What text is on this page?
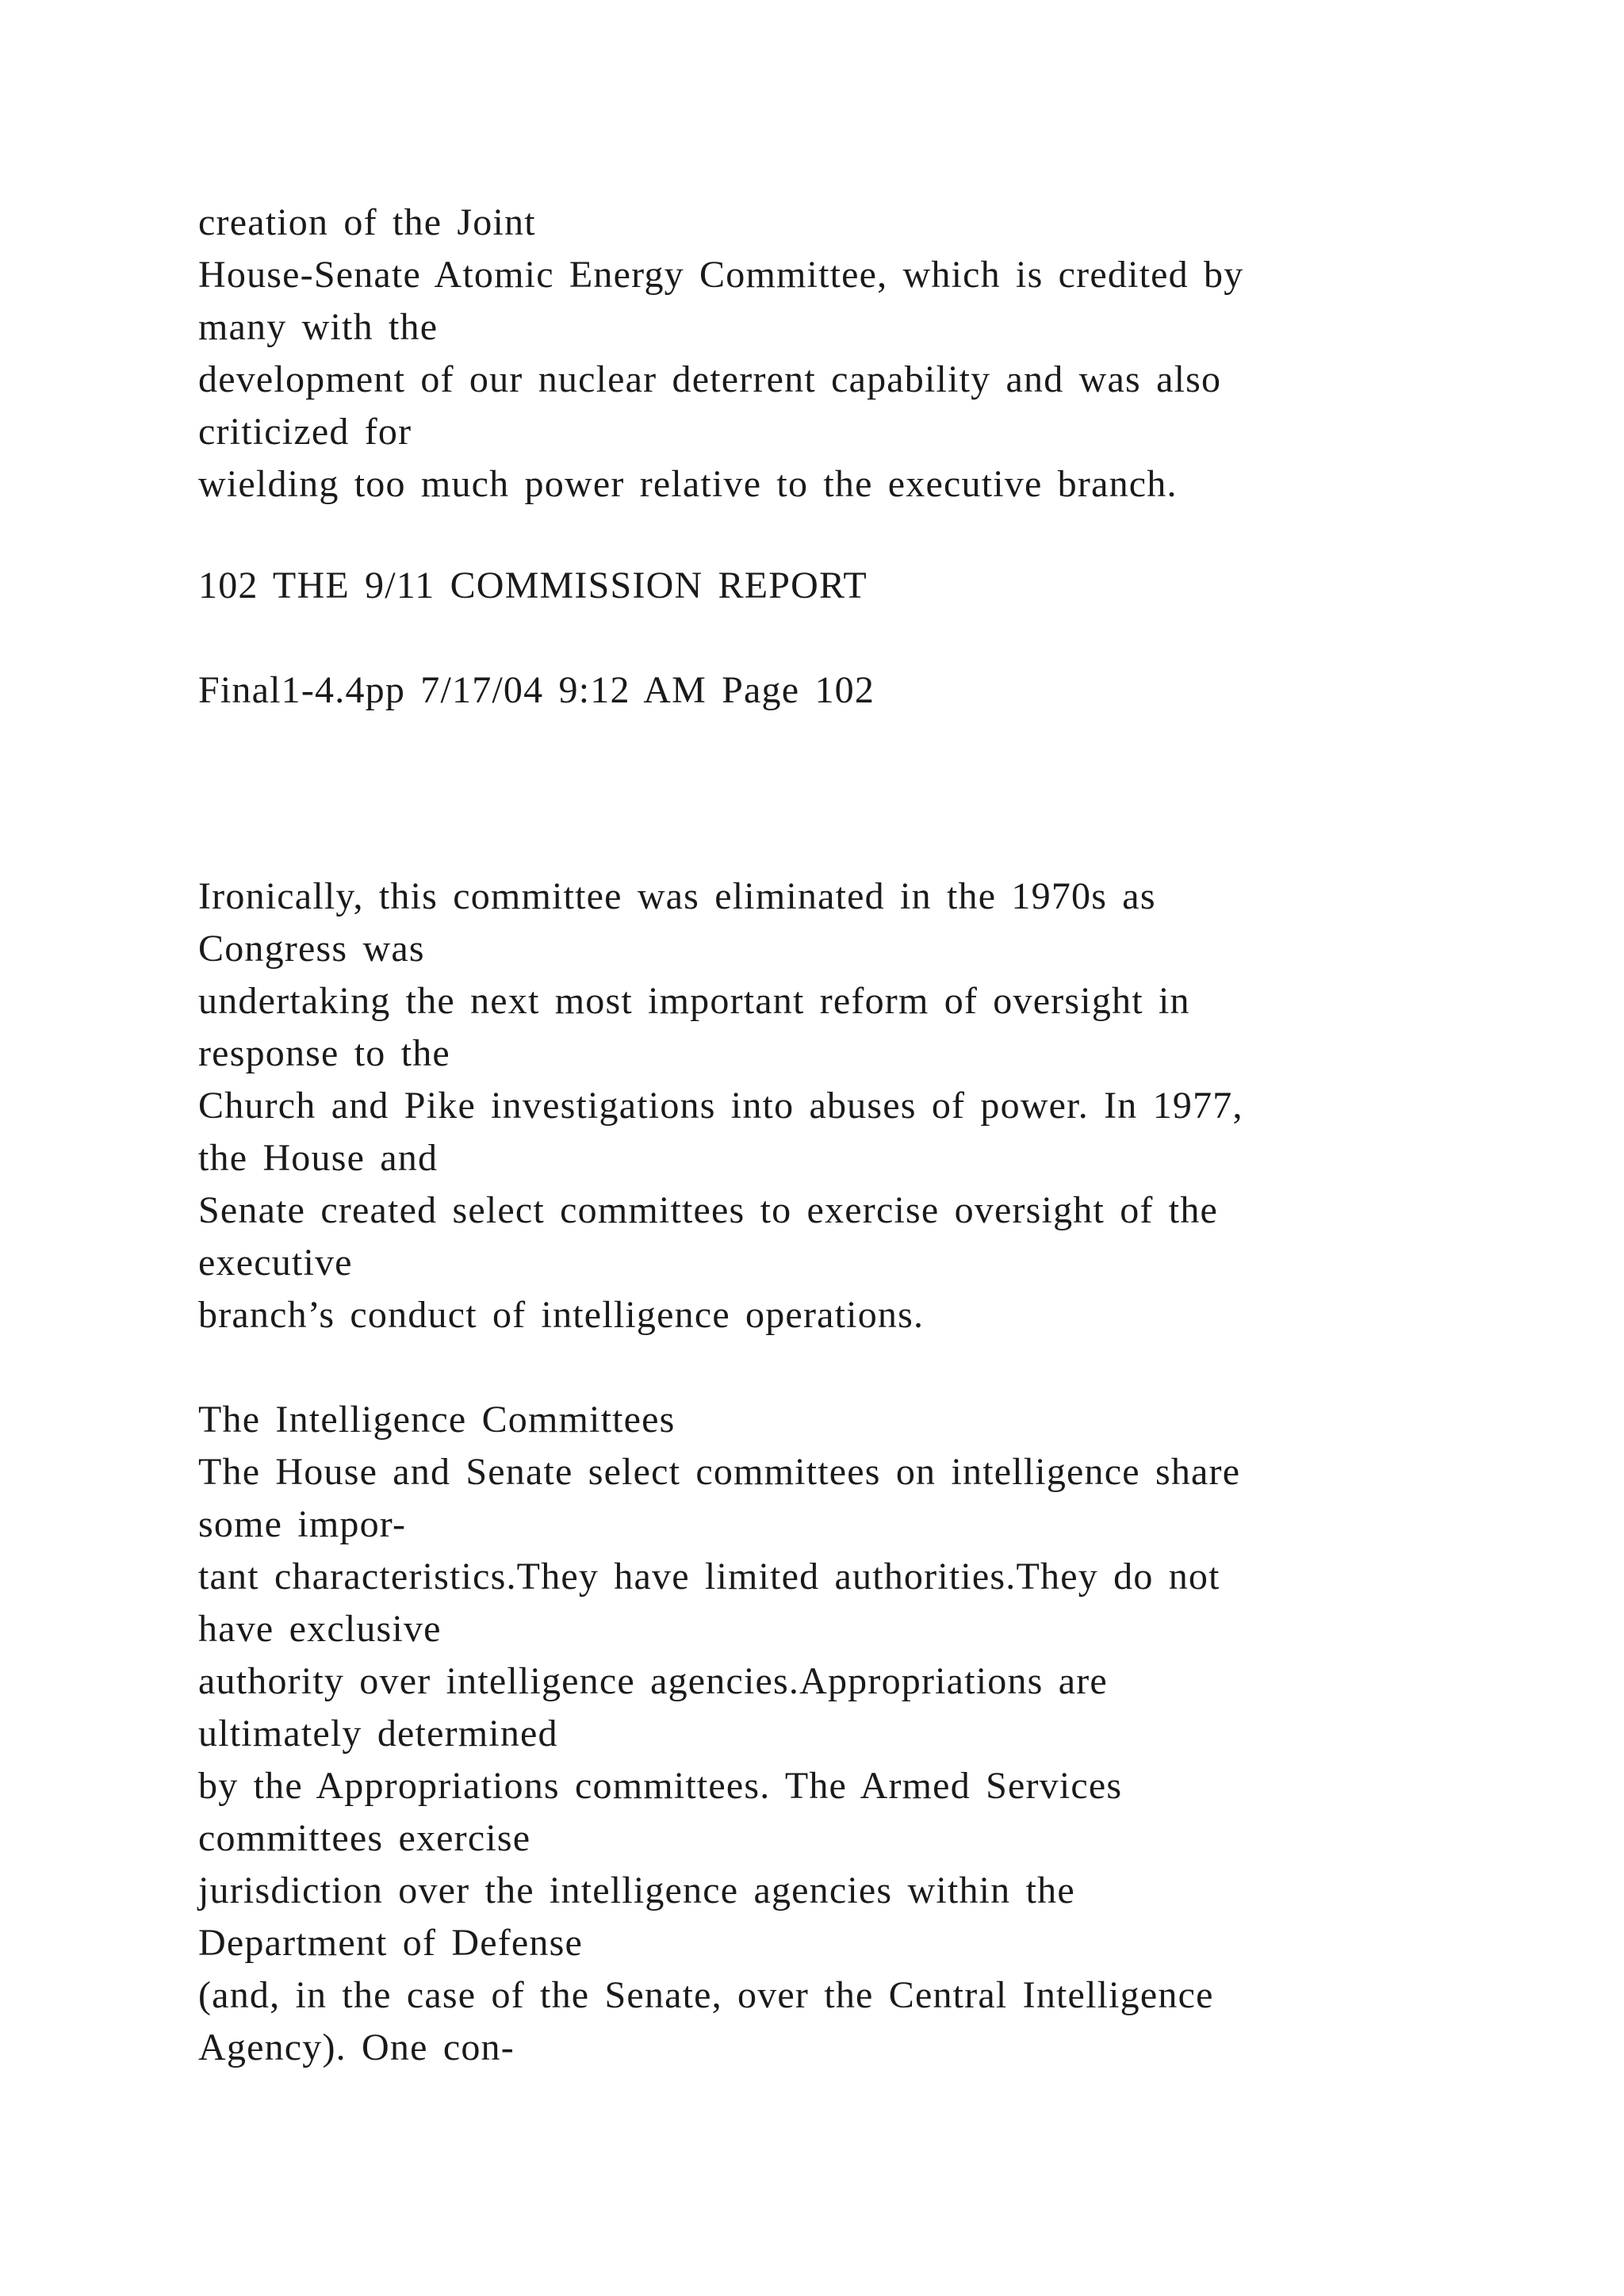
creation of the Joint
House-Senate Atomic Energy Committee, which is credited by
many with the
development of our nuclear deterrent capability and was also
criticized for
wielding too much power relative to the executive branch.
102 THE 9/11 COMMISSION REPORT
Final1-4.4pp 7/17/04 9:12 AM Page 102
Ironically, this committee was eliminated in the 1970s as
Congress was
undertaking the next most important reform of oversight in
response to the
Church and Pike investigations into abuses of power. In 1977,
the House and
Senate created select committees to exercise oversight of the
executive
branch’s conduct of intelligence operations.
The Intelligence Committees
The House and Senate select committees on intelligence share
some impor-
tant characteristics.They have limited authorities.They do not
have exclusive
authority over intelligence agencies.Appropriations are
ultimately determined
by the Appropriations committees. The Armed Services
committees exercise
jurisdiction over the intelligence agencies within the
Department of Defense
(and, in the case of the Senate, over the Central Intelligence
Agency). One con-
